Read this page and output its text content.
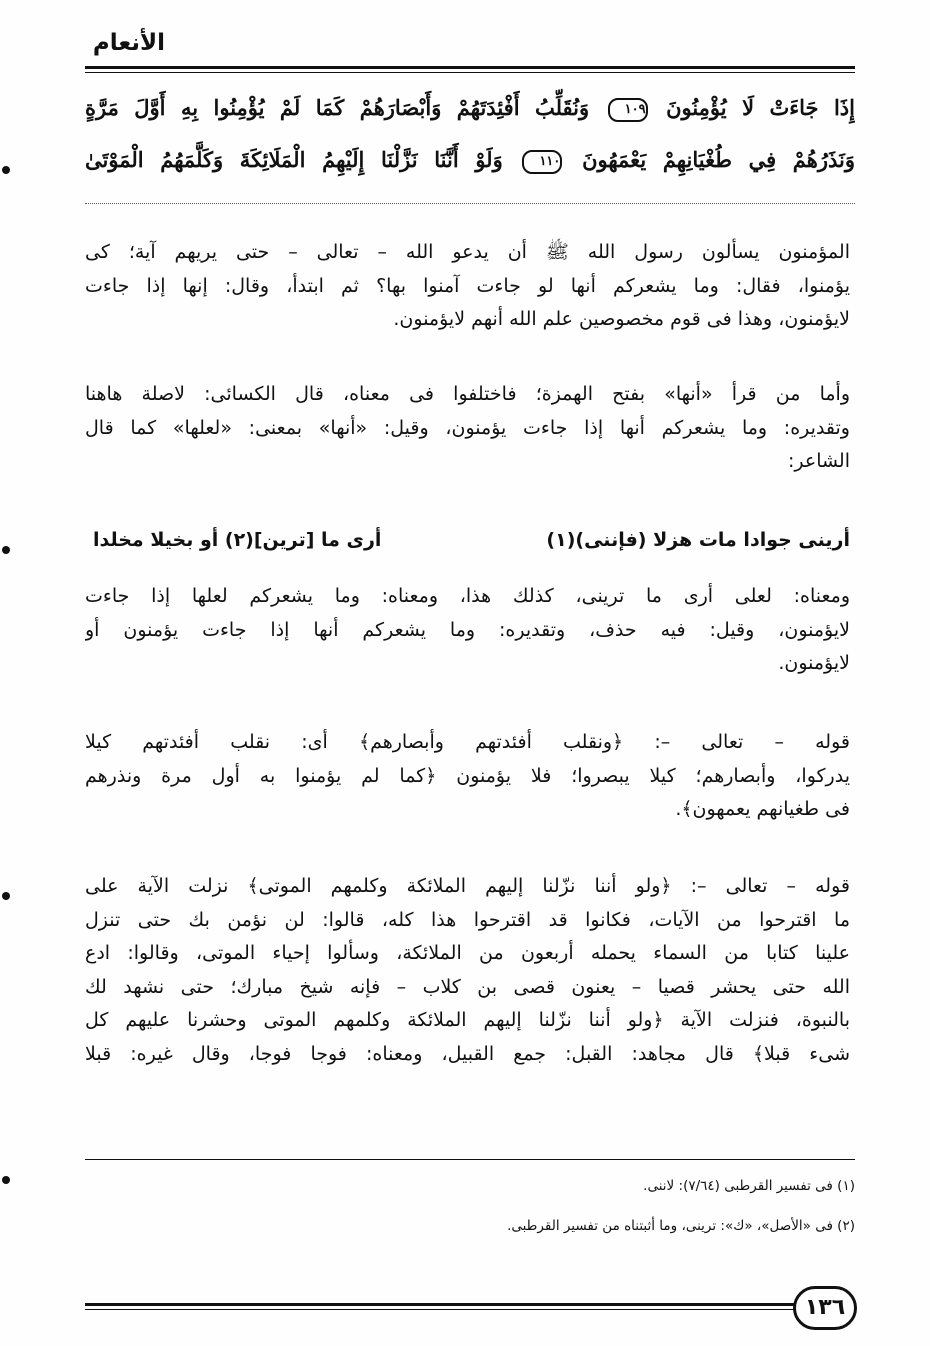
الأنعام
إِذَا جَاءَتْ لَا يُؤْمِنُونَ ١٠٩ وَنُقَلِّبُ أَفْئِدَتَهُمْ وَأَبْصَارَهُمْ كَمَا لَمْ يُؤْمِنُوا بِهِ أَوَّلَ مَرَّةٍ
وَنَذَرُهُمْ فِي طُغْيَانِهِمْ يَعْمَهُونَ ١١٠ وَلَوْ أَنَّنَا نَزَّلْنَا إِلَيْهِمُ الْمَلَائِكَةَ وَكَلَّمَهُمُ الْمَوْتَىٰ
المؤمنون يسألون رسول الله ﷺ أن يدعو الله – تعالى – حتى يريهم آية؛ كى
يؤمنوا، فقال: وما يشعركم أنها لو جاءت آمنوا بها؟ ثم ابتدأ، وقال: إنها إذا جاءت
لايؤمنون، وهذا فى قوم مخصوصين علم الله أنهم لايؤمنون.
وأما من قرأ «أنها» بفتح الهمزة؛ فاختلفوا فى معناه، قال الكسائى: لاصلة هاهنا
وتقديره: وما يشعركم أنها إذا جاءت يؤمنون، وقيل: «أنها» بمعنى: «لعلها» كما قال
الشاعر:
أرينى جوادا مات هزلا (فإننى)(١)
أرى ما [ترين](٢) أو بخيلا مخلدا
ومعناه: لعلى أرى ما ترينى، كذلك هذا، ومعناه: وما يشعركم لعلها إذا جاءت
لايؤمنون، وقيل: فيه حذف، وتقديره: وما يشعركم أنها إذا جاءت يؤمنون أو
لايؤمنون.
قوله – تعالى –: ﴿ونقلب أفئدتهم وأبصارهم﴾ أى: نقلب أفئدتهم كيلا
يدركوا، وأبصارهم؛ كيلا يبصروا؛ فلا يؤمنون ﴿كما لم يؤمنوا به أول مرة ونذرهم
فى طغيانهم يعمهون﴾.
قوله – تعالى –: ﴿ولو أننا نزّلنا إليهم الملائكة وكلمهم الموتى﴾ نزلت الآية على
ما اقترحوا من الآيات، فكانوا قد اقترحوا هذا كله، قالوا: لن نؤمن بك حتى تنزل
علينا كتابا من السماء يحمله أربعون من الملائكة، وسألوا إحياء الموتى، وقالوا: ادع
الله حتى يحشر قصيا – يعنون قصى بن كلاب – فإنه شيخ مبارك؛ حتى نشهد لك
بالنبوة، فنزلت الآية ﴿ولو أننا نزّلنا إليهم الملائكة وكلمهم الموتى وحشرنا عليهم كل
شىء قبلا﴾ قال مجاهد: القبل: جمع القبيل، ومعناه: فوجا فوجا، وقال غيره: قبلا
(١) فى تفسير القرطبى (٧/٦٤): لاننى.
(٢) فى «الأصل»، «ك»: ترينى، وما أثبتناه من تفسير القرطبى.
١٣٦
